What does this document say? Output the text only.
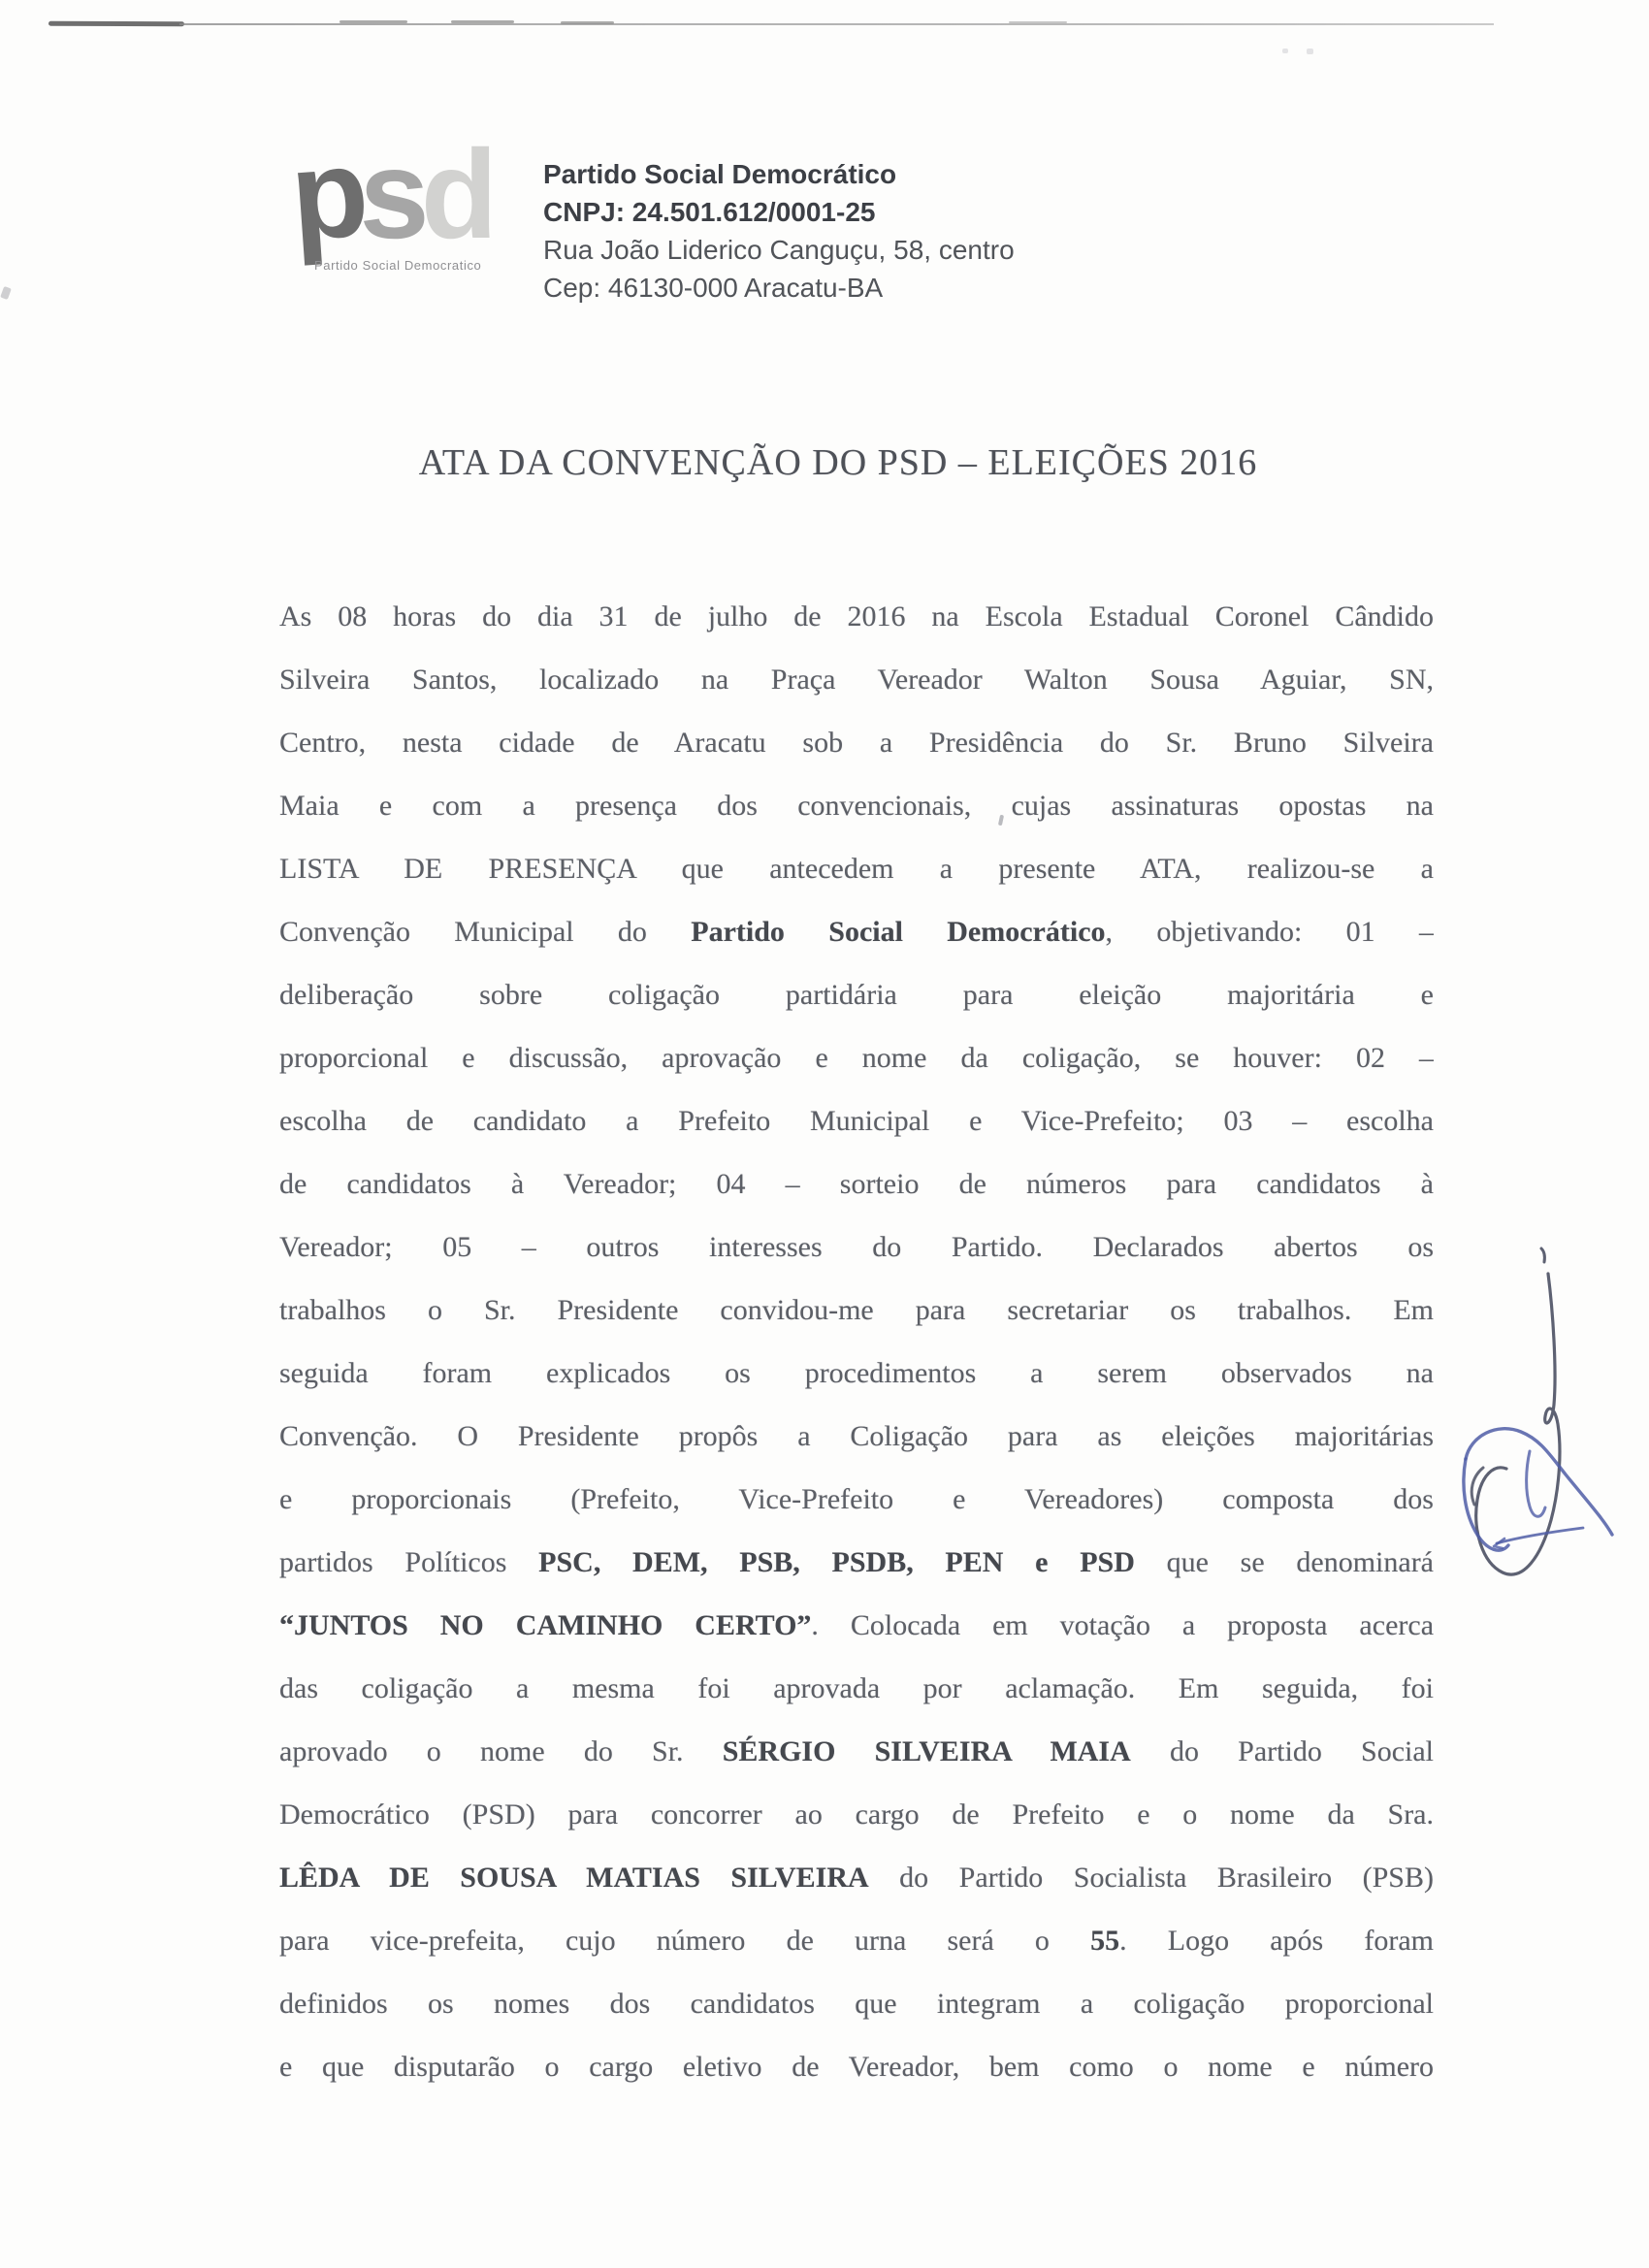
psd
Partido Social Democratico
Partido Social Democrático
CNPJ: 24.501.612/0001-25
Rua João Liderico Canguçu, 58, centro
Cep: 46130-000 Aracatu-BA
ATA DA CONVENÇÃO DO PSD – ELEIÇÕES 2016
As 08 horas do dia 31 de julho de 2016 na Escola Estadual Coronel Cândido
Silveira Santos, localizado na Praça Vereador Walton Sousa Aguiar, SN,
Centro, nesta cidade de Aracatu sob a Presidência do Sr. Bruno Silveira
Maia e com a presença dos convencionais, cujas assinaturas opostas na
LISTA DE PRESENÇA que antecedem a presente ATA, realizou-se a
Convenção Municipal do Partido Social Democrático, objetivando: 01 –
deliberação sobre coligação partidária para eleição majoritária e
proporcional e discussão, aprovação e nome da coligação, se houver: 02 –
escolha de candidato a Prefeito Municipal e Vice-Prefeito; 03 – escolha
de candidatos à Vereador; 04 – sorteio de números para candidatos à
Vereador; 05 – outros interesses do Partido. Declarados abertos os
trabalhos o Sr. Presidente convidou-me para secretariar os trabalhos. Em
seguida foram explicados os procedimentos a serem observados na
Convenção. O Presidente propôs a Coligação para as eleições majoritárias
e proporcionais (Prefeito, Vice-Prefeito e Vereadores) composta dos
partidos Políticos PSC, DEM, PSB, PSDB, PEN e PSD que se denominará
“JUNTOS NO CAMINHO CERTO”. Colocada em votação a proposta acerca
das coligação a mesma foi aprovada por aclamação. Em seguida, foi
aprovado o nome do Sr. SÉRGIO SILVEIRA MAIA do Partido Social
Democrático (PSD) para concorrer ao cargo de Prefeito e o nome da Sra.
LÊDA DE SOUSA MATIAS SILVEIRA do Partido Socialista Brasileiro (PSB)
para vice-prefeita, cujo número de urna será o 55. Logo após foram
definidos os nomes dos candidatos que integram a coligação proporcional
e que disputarão o cargo eletivo de Vereador, bem como o nome e número
